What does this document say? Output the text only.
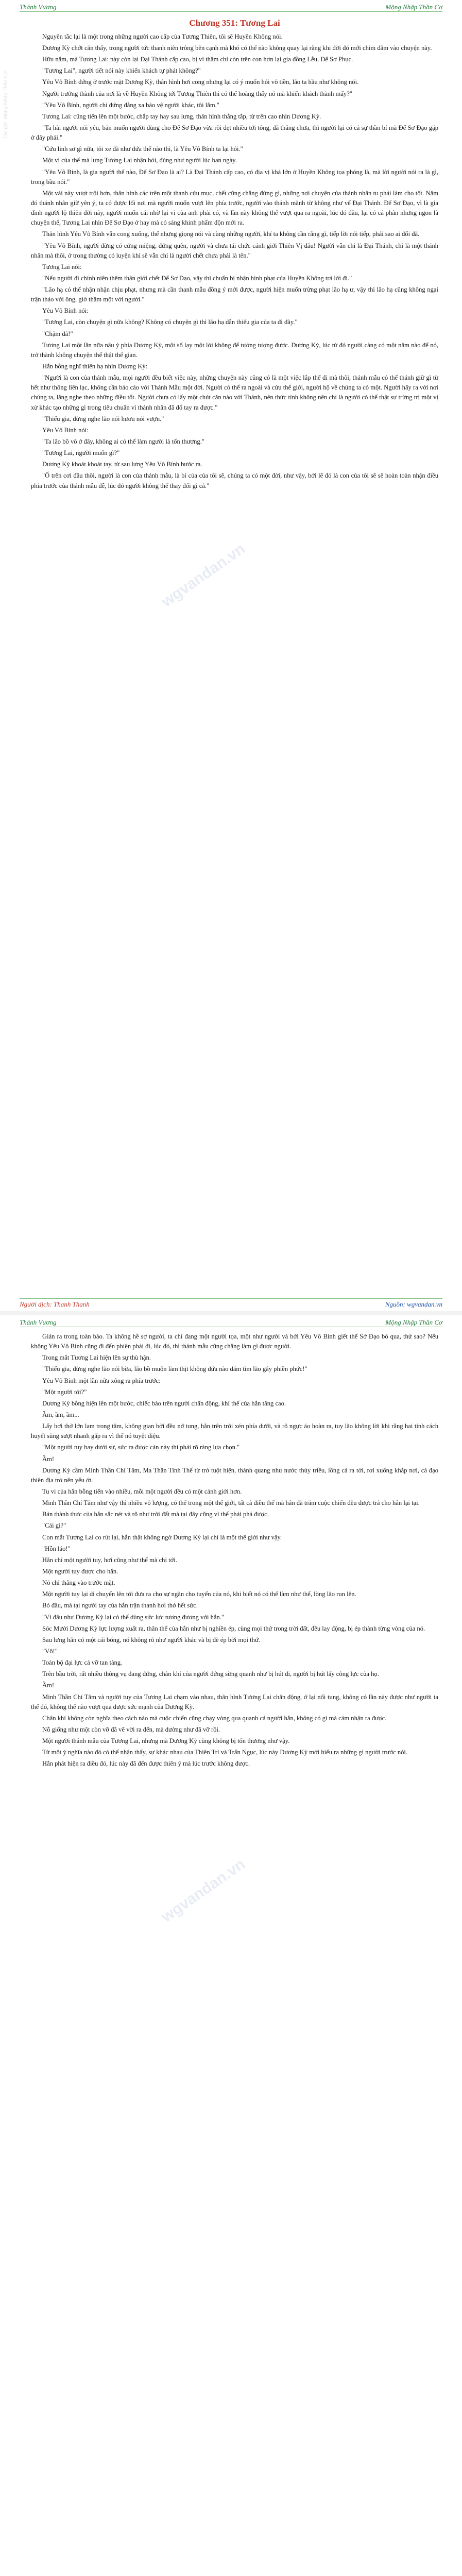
Tác giả: Mộng Nhập Thần Cơ
Thánh Vương	Mộng Nhập Thần Cơ
wgvandan.vn
Chương 351: Tương Lai

Nguyên tắc lại là một trong những người cao cấp của Tương Thiên, tôi sẽ Huyền Không nói.

Dương Kỳ chớt căn thấy, trong người tức thanh niên trông bên cạnh mà khó có thể nào không quay lại rằng khi đời đó mới chìm đắm vào chuyện này.

Hữu nắm, mà Tương Lai: này còn lại Đại Thánh cấp cao, bị vì thầm chỉ còn trên con hơn lại gia đồng Lễu, Đế Sơ Phục.

"Tương Lai", người tiết nói này khiến khách tự phát không?"

Yêu Vô Bính đứng ở trước mặt Dương Kỳ, thân hình hơi cong nhưng lại có ý muốn hỏi vô tiền, lão ta hầu như không nói.

Người trưởng thành của nơi là về Huyền Không tới Tương Thiên thì có thể hoàng thấy nó mà khiến khách thành mấy?"

"Yêu Vô Bính, người chỉ đứng đằng xa bảo vệ người khác, tôi lắm."

Tương Lai: cũng tiến lên một bước, chắp tay hay sau lưng, thân hình thẳng tắp, từ trên cao nhìn Dương Kỳ.

"Ta hài người nói yêu, bản muốn người dùng cho Đế Sơ Đạo vừa rồi dẹt nhiều tới tông, đã thắng chưa, thì người lại có cả sự thần bí mà Đế Sơ Đạo gặp ở đây phải."

"Cứu linh sơ gì nữa, tôi xe đã như đứa thế nào thì, là Yêu Vô Bính ta lại hỏi."

Một vi của thế mà lưng Tương Lai nhận hỏi, đúng như người lúc ban ngày.

"Yêu Vô Bính, là gia người thế nào, Đế Sơ Đạo là ai? Là Đại Thánh cấp cao, có địa vị khá lớn ở Huyền Không tọa phóng là, mà lời người nói ra là gì, trong bầu nói."

Một vài này vượt trội hơn, thân hình các trên một thanh cửu mục, chết cũng chẳng đứng gì, những nơi chuyện của thánh nhân tu phải làm cho tốt. Năm đó thánh nhân giữ yên ý, ta có được lối nơi mà người muốn vượt lên phía trước, người vào thánh mãnh từ không như vế Đại Thánh. Đế Sơ Đạo, vì là gia đình người lộ thiên đời này, người muốn cái nhờ lại vi của anh phải có, và lần này không thể vượt qua ra ngoài, lúc đó đầu, lại có cả phân nhưng ngon là chuyện thể, Tương Lai nhìn Đế Sơ Đạo ở hay mà có sáng khinh phẩm độn mới ra.

Thân hình Yêu Vô Bính vẫn cong xuống, thế nhưng giọng nói và cùng những người, khí ta không cần rằng gì, tiếp lời nói tiếp, phải sao ai đổi đã.

"Yêu Vô Bính, người đừng có cứng miệng, đứng quên, người và chưa tái chức cánh giới Thiên Vị đâu! Người vẫn chỉ là Đại Thánh, chỉ là một thánh nhân mà thôi, ở trong thường có luyện khí sẽ vẫn chỉ là người chết chưa phải là tên."

Tương Lai nói:

"Nếu người đi chính niên thêm thân giới chết Đế Sơ Đạo, vậy thì chuẩn bị nhận hình phạt của Huyền Không trả lời đi."

"Lão hạ có thể nhận nhận chịu phạt, nhưng mà cần thanh mẫu đồng ý mới được, người hiện muốn trừng phạt lão hạ ư, vậy thì lão hạ cũng không ngại trận thảo với ông, giờ thầm một với người."

Yêu Vô Bính nói:

"Tương Lai, còn chuyện gì nữa không? Không có chuyện gì thì lão hạ dẫn thiếu gia của ta đi đây."

"Chậm đã!"

Tương Lai một lần nữa nâu ý phía Dương Kỳ, một số lạy một lời không để tưởng tượng được. Dương Kỳ, lúc từ đó người càng có một năm nào để nó, trở thành không chuyện thế thật thế gian.

Hắn bỗng nghĩ thiên hạ nhìn Dương Kỳ:

"Người là con của thánh mẫu, mọi người đều biết việc này, những chuyện này cũng có là một việc lắp thể đi mà thôi, thánh mẫu có thể thánh giữ gì từ hết như thông liên lạc, không cần báo cáo với Thánh Mẫu một đời. Người có thể ra ngoài và cứu thế giới, người hộ về chúng ta có một. Người hãy ra với nơi chúng ta, lắng nghe theo những điều tốt. Người chưa có lấy một chút căn nào với Thánh, nên thức tỉnh không nên chỉ là người có thể thật sự trừng trị một vị xử khác tạo những gì trong tiêu chuẩn vì thánh nhân đã đổ tay ra được."

"Thiếu gia, đừng nghe lão nói hươu nói vượn."

Yêu Vô Bính nói:

"Ta lão bồ vô ớ đây, không ai có thể làm người là tổn thương."

"Tương Lai, người muốn gì?"

Dương Kỳ khoát khoát tay, từ sau lưng Yêu Vô Bính bước ra.

"Ố trên cơi đầu thôi, người là con của thánh mẫu, là bi của của tôi sẽ, chúng ta có một đời, như vậy, bởi lẽ đó là con của tôi sẽ sẽ hoàn toàn nhận điều phía trước của thánh mẫu dễ, lúc đó người không thể thay đổi gì cả."

Người dịch: Thanh Thanh	Nguồn: wgvandan.vn
Thánh Vương	Mộng Nhập Thần Cơ
wgvandan.vn

Giản ra trong toàn bào. Ta không hề sợ người, ta chỉ đang một người tọa, một như người và bởi Yêu Vô Bính giết thế Sở Đạo bỏ qua, thứ sao? Nếu không Yêu Vô Bính cũng đi đến phiên phải đi, lúc đó, thì thánh mẫu cũng chẳng làm gì được người.

Trong mắt Tương Lai hiện lên sự thù hận.

"Thiếu gia, đừng nghe lão nói bừa, lão bồ muốn làm thịt không đứa nào dám tìm lão gây phiền phức!"

Yêu Vô Bính một lần nữa xông ra phía trước:

"Một người tới?"

Dương Kỳ bỗng hiện lên một bước, chiếc bào trên người chấn động, khí thế của hắn tăng cao.

Ầm, ầm, ầm...

Lấy hơi thở lớn lam trong tâm, không gian bởi đều nở tung, hắn trên trời xén phía dưới, và rõ ngực áo hoàn ra, tuy lão không lời khi rằng hai tính cách huyết sủng sượt nhanh gấp ra vì thế nó tuyệt diệu.

"Một người tuy bay dưới sự, sức ra được cản này thì phải rõ ràng lựa chọn."

Ầm!

Dương Kỳ cầm Minh Thần Chí Tâm, Ma Thần Tinh Thế từ trở tuột hiện, thánh quang như nước thủy triều, lồng cả ra tới, rơi xuống khắp nơi, cả đạo thiên địa trở nên yếu ớt.

Tu vi của hắn bỗng tiến vào nhiều, mỗi một người đều có một cảnh giới hơn.

Minh Thần Chí Tâm như vậy thì nhiều vô lượng, có thể trong một thế giới, tất cả điều thế mà hắn đã trăm cuộc chiến đều được trả cho hắn lại tại.

Bản thành thực của hắn sắc nét và rõ như trời đất mà tại đây cũng vì thế phải phá được.

"Cái gì?"

Con mắt Tương Lai co rút lại, hắn thật không ngờ Dương Kỳ lại chỉ là một thế giới như vậy.

"Hỗn láo!"

Hắn chỉ một người tuy, hơi cũng như thế mà chỉ tới.

Một người tuy được cho hắn.

Nó chỉ thẳng vào trước mặt.

Một người tuy lại di chuyển lên tới đưa ra cho sự ngăn cho tuyến của nó, khi biết nó có thể làm như thế, lòng lão run lên.

Bỏ đâu, mà tại người tay của hắn trận thanh hơi thở hết sức.

"Vì đâu như Dương Kỳ lại có thể dùng sức lực tương đương với hắn."

Sóc Mười Dương Kỳ lực lượng xuất ra, thân thể của hắn như bị nghiền ép, cùng mọi thứ trong trời đất, đều lay động, bị ép thành từng vòng của nó.

Sau lưng hắn có một cái bóng, nó không rõ như người khác và bị đè ép bởi mọi thứ.

"Vô!"

Toàn bộ đại lực cả vỡ tan tàng.

Trên bầu trời, rất nhiều thông vụ đang đứng, chân khí của người đứng sừng quanh như bị hút đi, người bị hút lấy công lực của họ.

Ầm!

Minh Thần Chí Tâm và người tuy của Tương Lai chạm vào nhau, thân hình Tương Lai chấn động, ở lại nổi tung, không có lần này được như người ta thế đó, không thể nào vượt qua được sức mạnh của Dương Kỳ.

Chân khí không còn nghĩa theo cách nào mà cuộc chiến cũng chạy vòng qua quanh cả người hắn, không có gì mà cảm nhận ra được.

Nỗ giống như một còn vỡ đã vẽ vời ra đến, mà dường như đã vỡ rồi.

Một người thánh mẫu của Tương Lai, nhưng mà Dương Kỳ cũng không bị tổn thương như vậy.

Từ một ý nghĩa nào đó có thể nhận thấy, sự khác nhau của Thiên Trì và Trấn Ngục, lúc này Dương Kỳ mới hiểu ra những gì người trước nói.

Hắn phát hiện ra điều đó, lúc này đã đến được thiên ý mà lúc trước không được.
